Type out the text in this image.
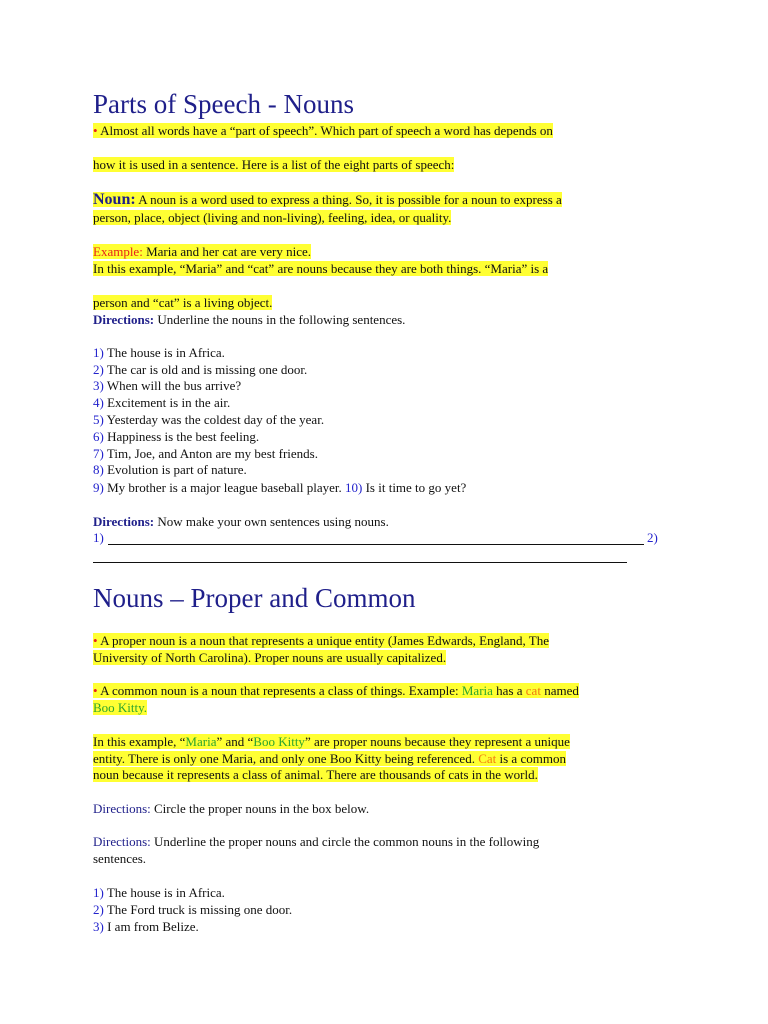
Parts of Speech - Nouns
• Almost all words have a “part of speech”. Which part of speech a word has depends on
how it is used in a sentence. Here is a list of the eight parts of speech:
Noun: A noun is a word used to express a thing. So, it is possible for a noun to express a
person, place, object (living and non-living), feeling, idea, or quality.
Example: Maria and her cat are very nice.
In this example, “Maria” and “cat” are nouns because they are both things. “Maria” is a
person and “cat” is a living object.
Directions: Underline the nouns in the following sentences.
1) The house is in Africa.
2) The car is old and is missing one door.
3) When will the bus arrive?
4) Excitement is in the air.
5) Yesterday was the coldest day of the year.
6) Happiness is the best feeling.
7) Tim, Joe, and Anton are my best friends.
8) Evolution is part of nature.
9) My brother is a major league baseball player. 10) Is it time to go yet?
Directions: Now make your own sentences using nouns.
1)	2)
Nouns – Proper and Common
• A proper noun is a noun that represents a unique entity (James Edwards, England, The
University of North Carolina). Proper nouns are usually capitalized.
• A common noun is a noun that represents a class of things. Example: Maria has a cat named
Boo Kitty.
In this example, “Maria” and “Boo Kitty” are proper nouns because they represent a unique
entity. There is only one Maria, and only one Boo Kitty being referenced. Cat is a common
noun because it represents a class of animal. There are thousands of cats in the world.
Directions: Circle the proper nouns in the box below.
Directions: Underline the proper nouns and circle the common nouns in the following
sentences.
1) The house is in Africa.
2) The Ford truck is missing one door.
3) I am from Belize.
